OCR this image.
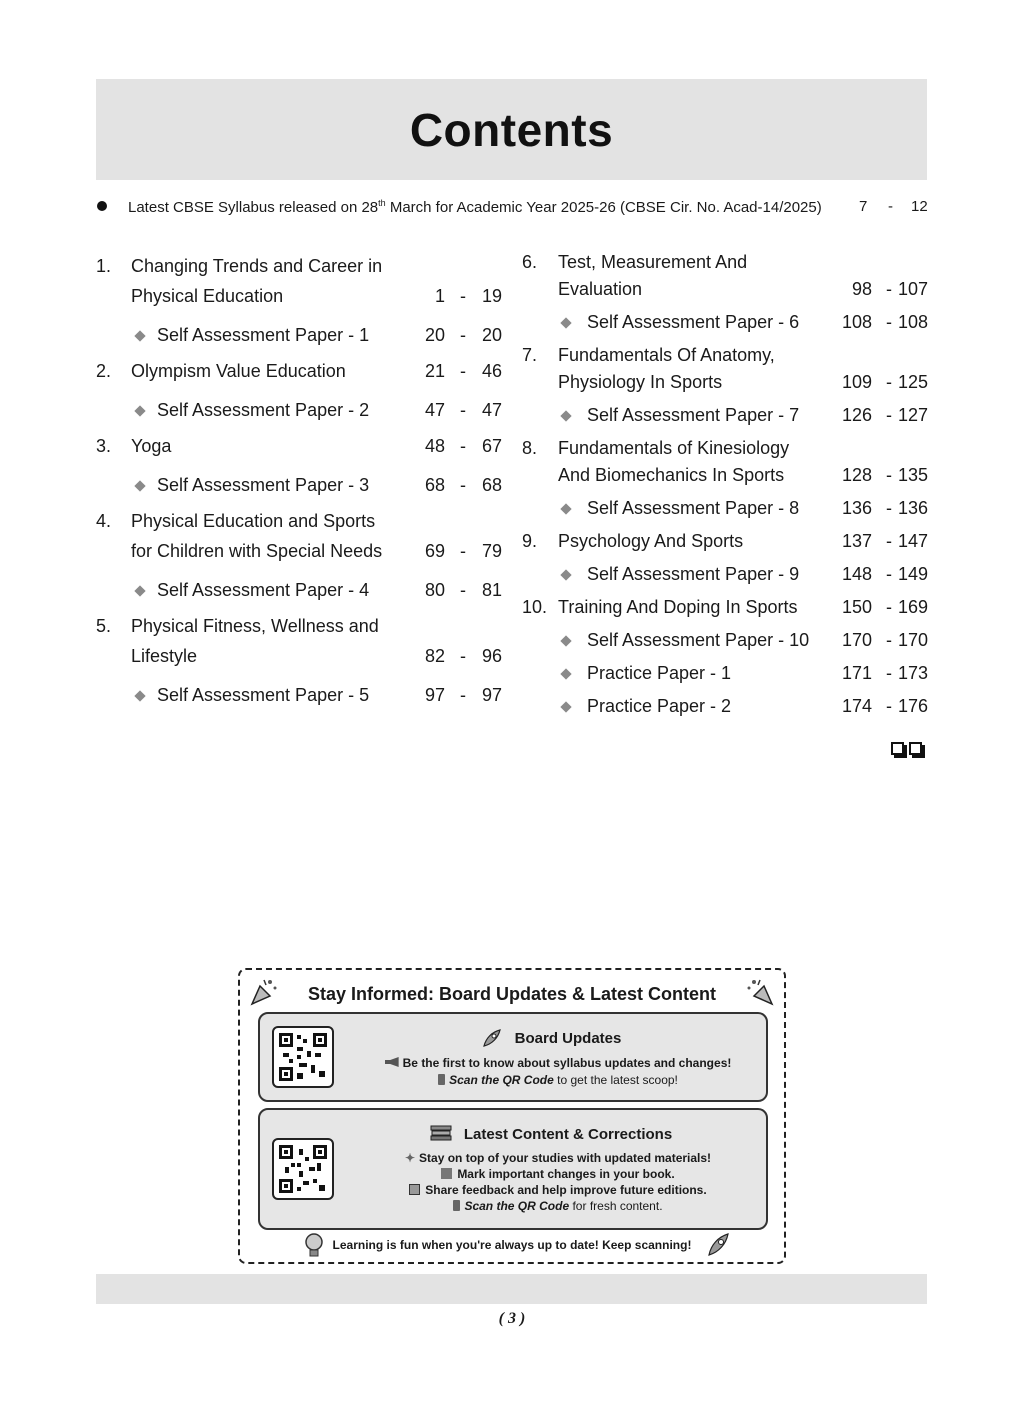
Contents
Latest CBSE Syllabus released on 28th March for Academic Year 2025-26 (CBSE Cir. No. Acad-14/2025) 7 - 12
1. Changing Trends and Career in
Physical Education	1 - 19
Self Assessment Paper - 1	20 - 20
2. Olympism Value Education	21 - 46
Self Assessment Paper - 2	47 - 47
3. Yoga	48 - 67
Self Assessment Paper - 3	68 - 68
4. Physical Education and Sports
for Children with Special Needs 69 - 79
Self Assessment Paper - 4	80 - 81
5. Physical Fitness, Wellness and
Lifestyle	82 - 96
Self Assessment Paper - 5	97 - 97
6. Test, Measurement And
Evaluation	98 - 107
Self Assessment Paper - 6 108 - 108
7. Fundamentals Of Anatomy,
Physiology In Sports	109 - 125
Self Assessment Paper - 7 126 - 127
8. Fundamentals of Kinesiology
And Biomechanics In Sports	128 - 135
Self Assessment Paper - 8 136 - 136
9. Psychology And Sports	137 - 147
Self Assessment Paper - 9 148 - 149
10. Training And Doping In Sports 150 - 169
Self Assessment Paper - 10 170 - 170
Practice Paper - 1	171 - 173
Practice Paper - 2	174 - 176
Stay Informed: Board Updates & Latest Content
Board Updates
Be the first to know about syllabus updates and changes!
Scan the QR Code to get the latest scoop!
Latest Content & Corrections
✦ Stay on top of your studies with updated materials!
Mark important changes in your book.
Share feedback and help improve future editions.
Scan the QR Code for fresh content.
Learning is fun when you're always up to date! Keep scanning!
( 3 )
